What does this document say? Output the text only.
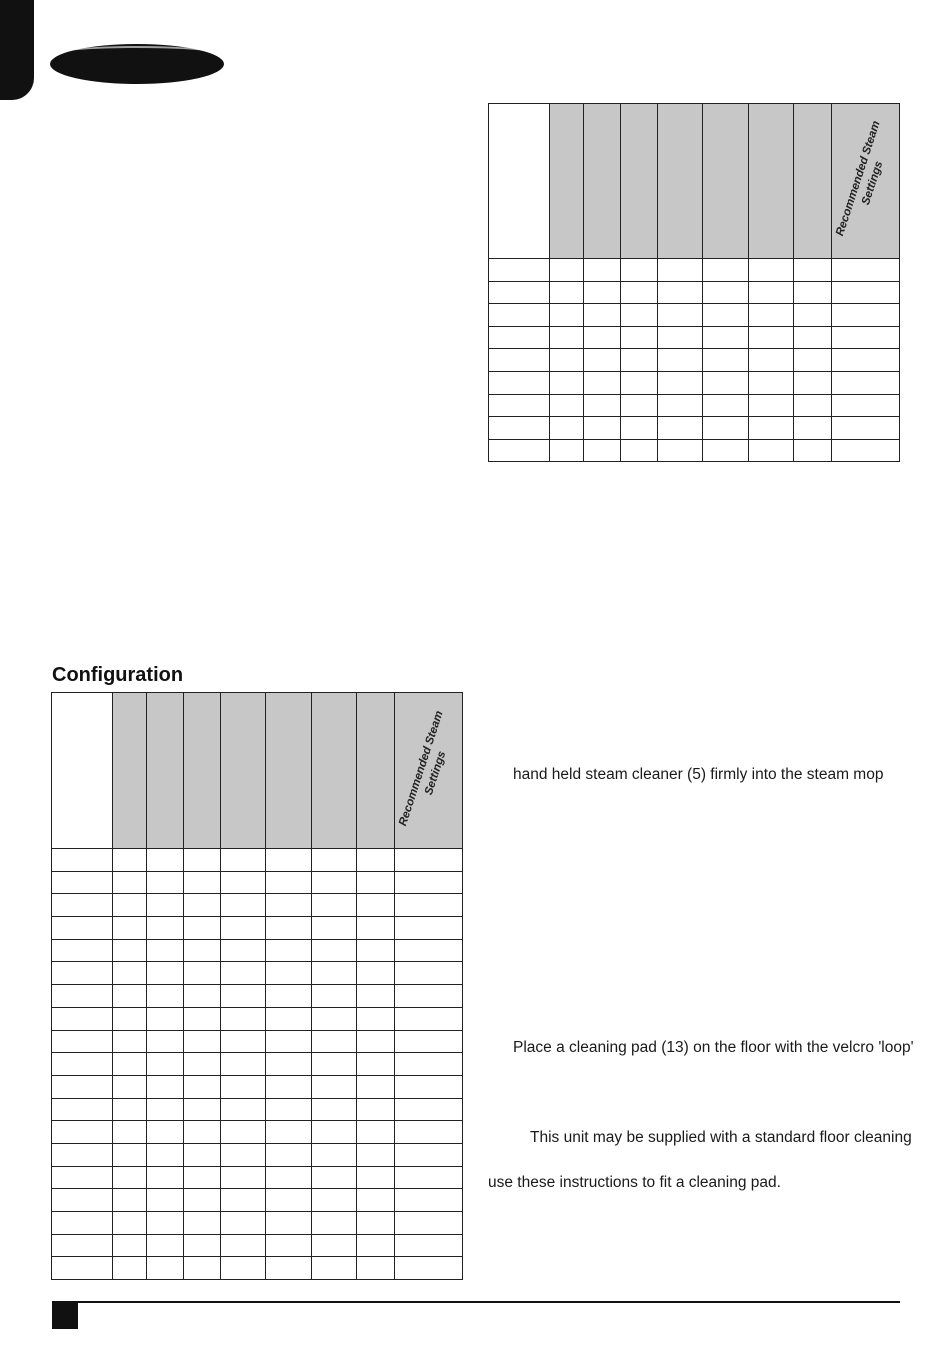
								Recommended Steam Settings

Configuration

								Recommended Steam Settings

									hand held steam cleaner (5) firmly into the steam mop

Place a cleaning pad (13) on the floor with the velcro 'loop'

This unit may be supplied with a standard floor cleaning

use these instructions to fit a cleaning pad.
